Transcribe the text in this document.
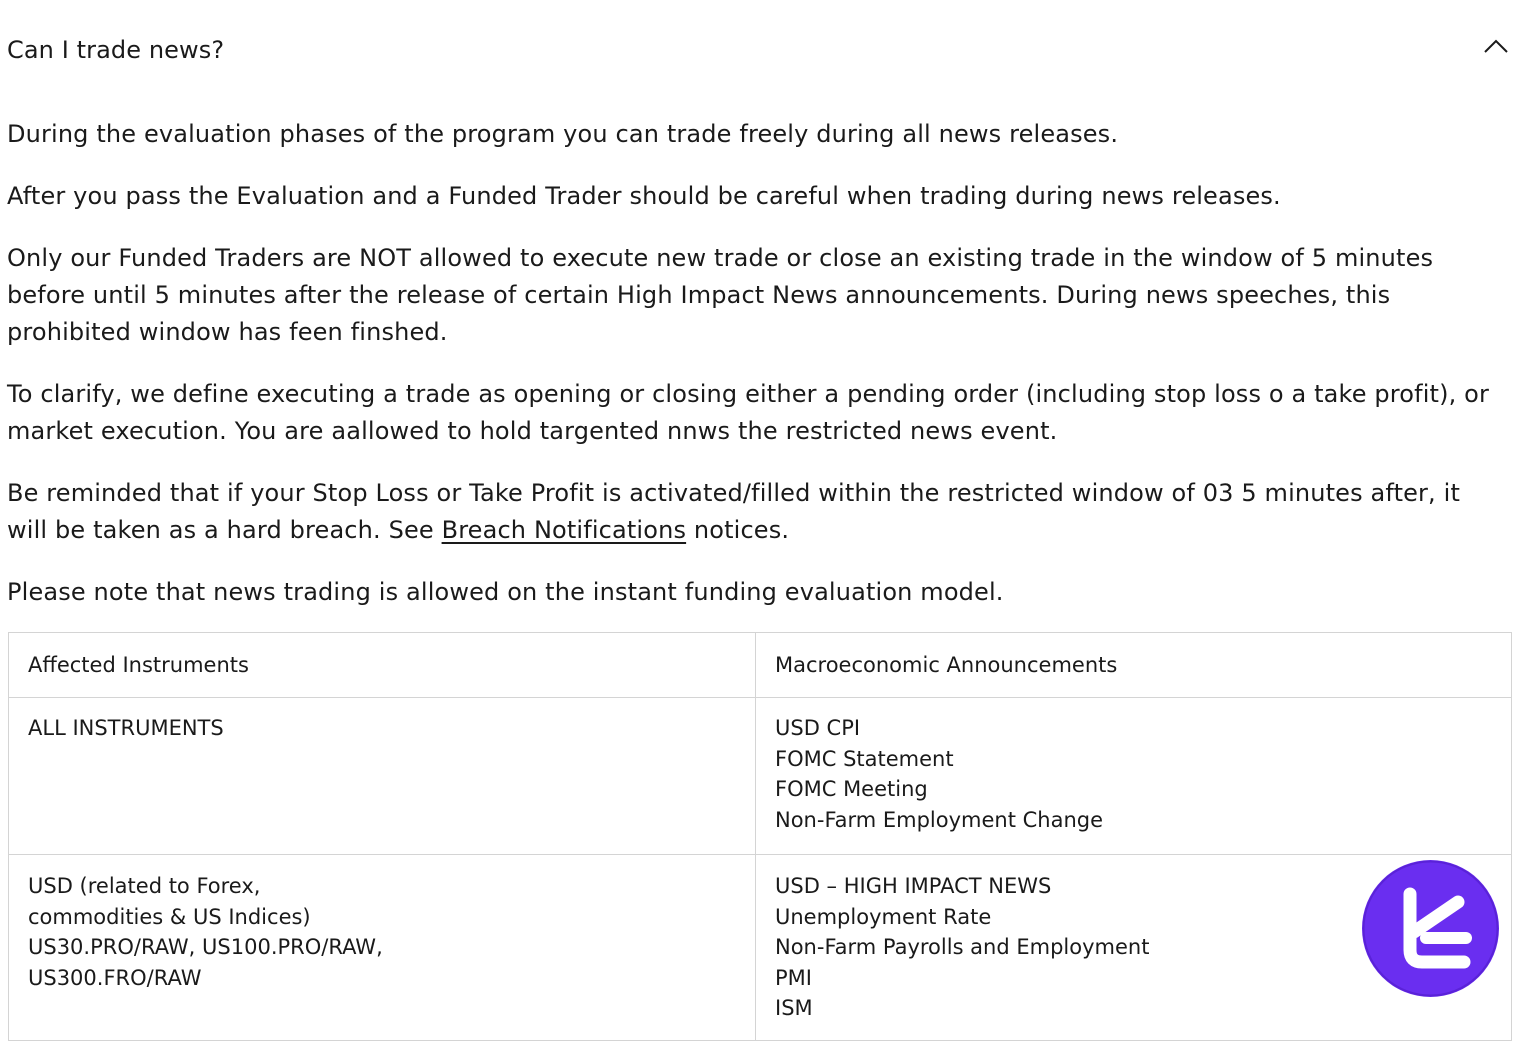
Can I trade news?

During the evaluation phases of the program you can trade freely during all news releases.

After you pass the Evaluation and a Funded Trader should be careful when trading during news releases.

Only our Funded Traders are NOT allowed to execute new trade or close an existing trade in the window of 5 minutes before until 5 minutes after the release of certain High Impact News announcements. During news speeches, this prohibited window has feen finshed.

To clarify, we define executing a trade as opening or closing either a pending order (including stop loss o a take profit), or market execution. You are aallowed to hold targented nnws the restricted news event.

Be reminded that if your Stop Loss or Take Profit is activated/filled within the restricted window of 03 5 minutes after, it will be taken as a hard breach. See Breach Notifications notices.

Please note that news trading is allowed on the instant funding evaluation model.

Affected Instruments	Macroeconomic Announcements

ALL INSTRUMENTS	USD CPI
FOMC Statement
FOMC Meeting
Non-Farm Employment Change

USD (related to Forex,
commodities & US Indices)
US30.PRO/RAW, US100.PRO/RAW,
US300.FRO/RAW	USD – HIGH IMPACT NEWS
Unemployment Rate
Non-Farm Payrolls and Employment
PMI
ISM
